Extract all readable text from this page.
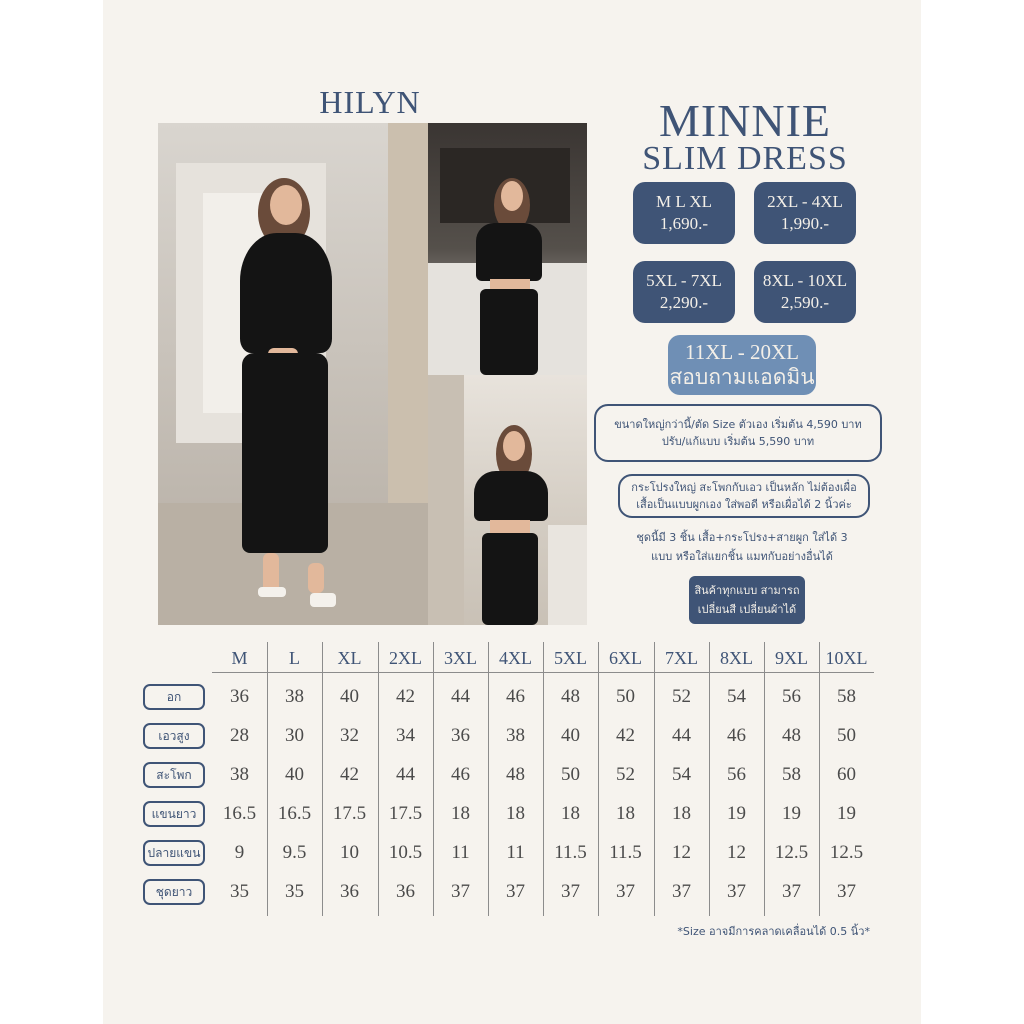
HILYN	MINNIE
SLIM DRESS
M L XL
1,690.-
2XL - 4XL
1,990.-
5XL - 7XL
2,290.-
8XL - 10XL
2,590.-
11XL - 20XL
สอบถามแอดมิน
ขนาดใหญ่กว่านี้/ตัด Size ตัวเอง เริ่มต้น 4,590 บาท
ปรับ/แก้แบบ เริ่มต้น 5,590 บาท
กระโปรงใหญ่ สะโพกกับเอว เป็นหลัก ไม่ต้องเผื่อ
เสื้อเป็นแบบผูกเอง ใส่พอดี หรือเผื่อได้ 2 นิ้วค่ะ
ชุดนี้มี 3 ชิ้น เสื้อ+กระโปรง+สายผูก ใส่ได้ 3
แบบ หรือใส่แยกชิ้น แมทกับอย่างอื่นได้
สินค้าทุกแบบ สามารถ
เปลี่ยนสี เปลี่ยนผ้าได้
M	L	XL	2XL	3XL	4XL	5XL	6XL	7XL	8XL	9XL 10XL
อก	36	38	40	42	44	46	48	50	52	54	56	58
เอวสูง	28	30	32	34	36	38	40	42	44	46	48	50
สะโพก	38	40	42	44	46	48	50	52	54	56	58	60
แขนยาว	16.5	16.5	17.5	17.5	18	18	18	18	18	19	19	19
ปลายแขน	9	9.5	10	10.5	11	11	11.5	11.5	12	12	12.5	12.5
ชุดยาว	35	35	36	36	37	37	37	37	37	37	37	37
*Size อาจมีการคลาดเคลื่อนได้ 0.5 นิ้ว*
